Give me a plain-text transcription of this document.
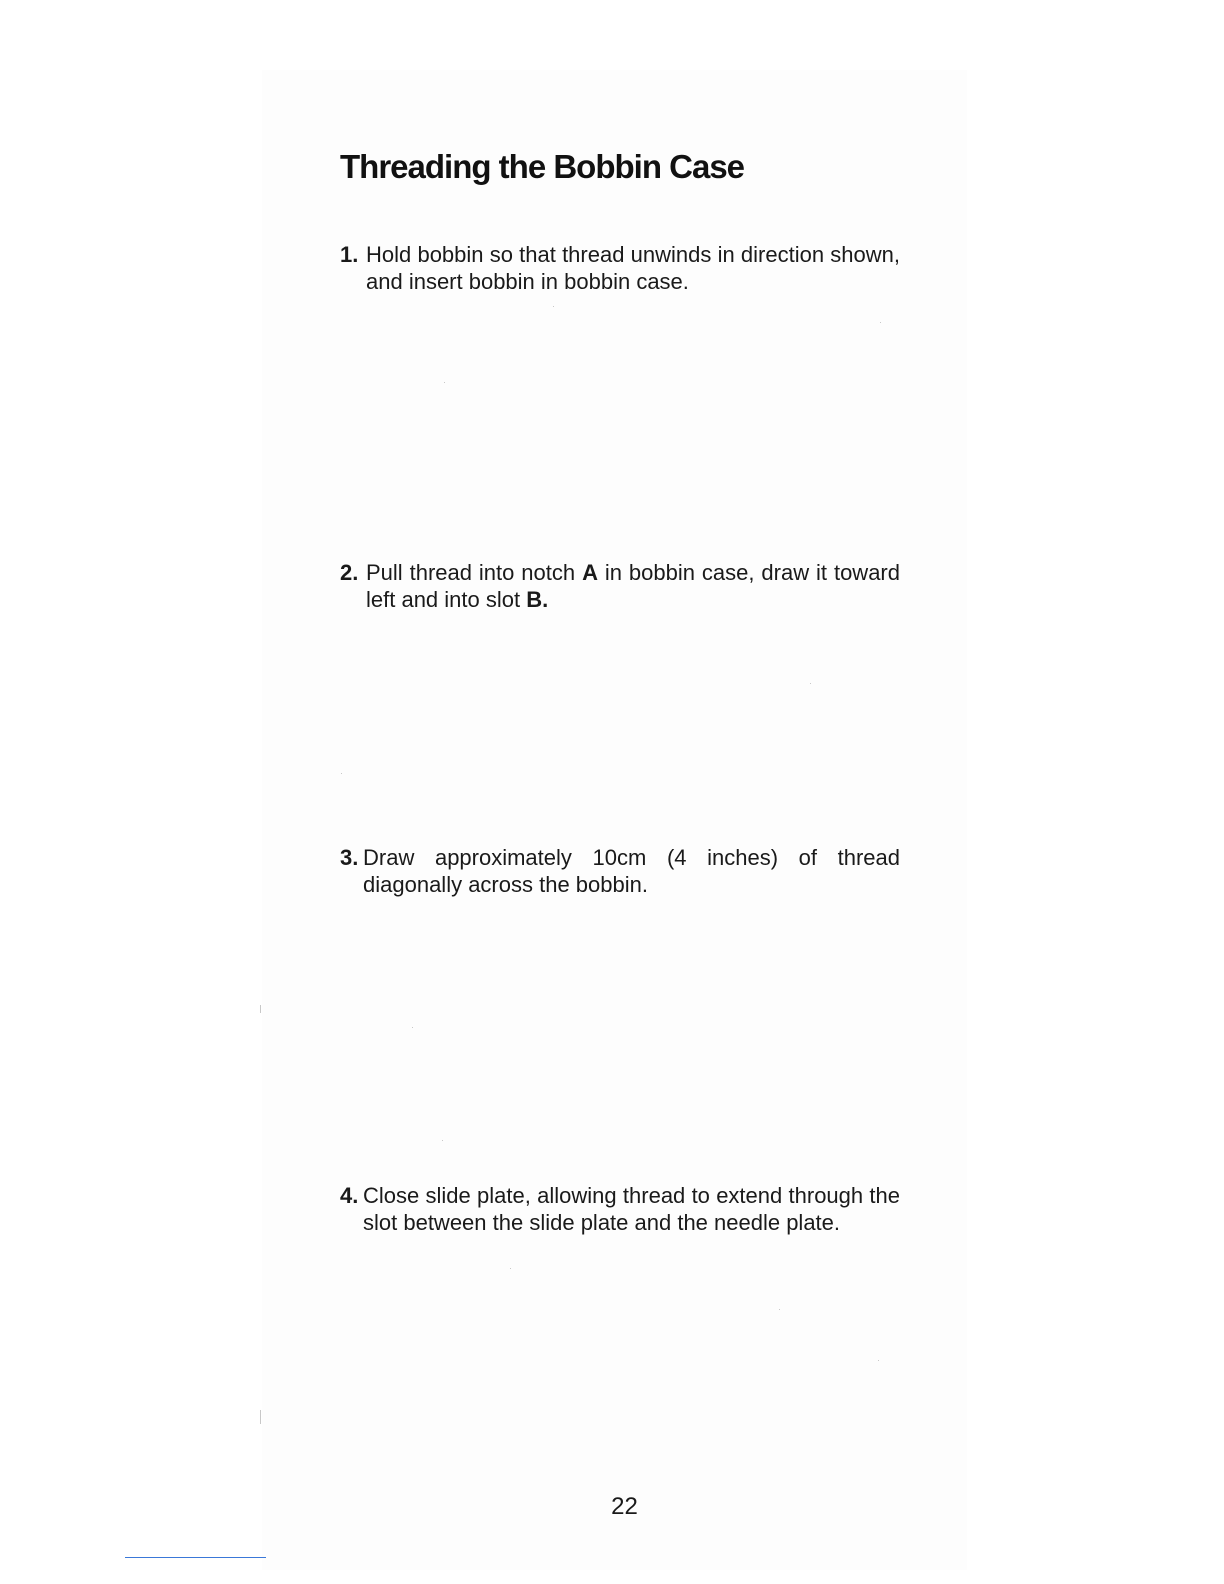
Threading the Bobbin Case
1. Hold bobbin so that thread unwinds in direction shown, and insert bobbin in bobbin case.
2. Pull thread into notch A in bobbin case, draw it toward left and into slot B.
3. Draw approximately 10cm (4 inches) of thread diagonally across the bobbin.
4. Close slide plate, allowing thread to extend through the slot between the slide plate and the needle plate.
22
